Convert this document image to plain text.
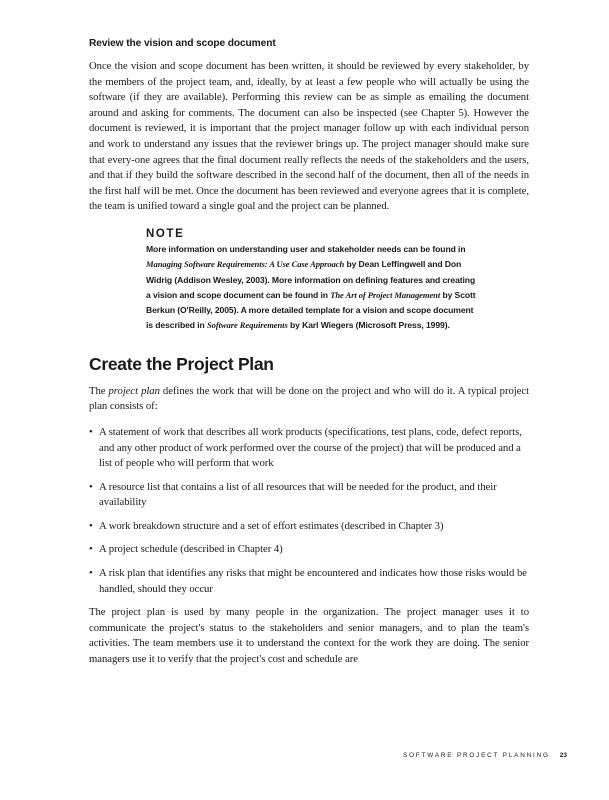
Review the vision and scope document

Once the vision and scope document has been written, it should be reviewed by every stakeholder, by the members of the project team, and, ideally, by at least a few people who will actually be using the software (if they are available). Performing this review can be as simple as emailing the document around and asking for comments. The document can also be inspected (see Chapter 5). However the document is reviewed, it is important that the project manager follow up with each individual person and work to understand any issues that the reviewer brings up. The project manager should make sure that every-one agrees that the final document really reflects the needs of the stakeholders and the users, and that if they build the software described in the second half of the document, then all of the needs in the first half will be met. Once the document has been reviewed and everyone agrees that it is complete, the team is unified toward a single goal and the project can be planned.

NOTE

More information on understanding user and stakeholder needs can be found in Managing Software Requirements: A Use Case Approach by Dean Leffingwell and Don Widrig (Addison Wesley, 2003). More information on defining features and creating a vision and scope document can be found in The Art of Project Management by Scott Berkun (O'Reilly, 2005). A more detailed template for a vision and scope document is described in Software Requirements by Karl Wiegers (Microsoft Press, 1999).

Create the Project Plan

The project plan defines the work that will be done on the project and who will do it. A typical project plan consists of:

• A statement of work that describes all work products (specifications, test plans, code, defect reports, and any other product of work performed over the course of the project) that will be produced and a list of people who will perform that work
• A resource list that contains a list of all resources that will be needed for the product, and their availability
• A work breakdown structure and a set of effort estimates (described in Chapter 3)
• A project schedule (described in Chapter 4)
• A risk plan that identifies any risks that might be encountered and indicates how those risks would be handled, should they occur

The project plan is used by many people in the organization. The project manager uses it to communicate the project's status to the stakeholders and senior managers, and to plan the team's activities. The team members use it to understand the context for the work they are doing. The senior managers use it to verify that the project's cost and schedule are

SOFTWARE PROJECT PLANNING 23
